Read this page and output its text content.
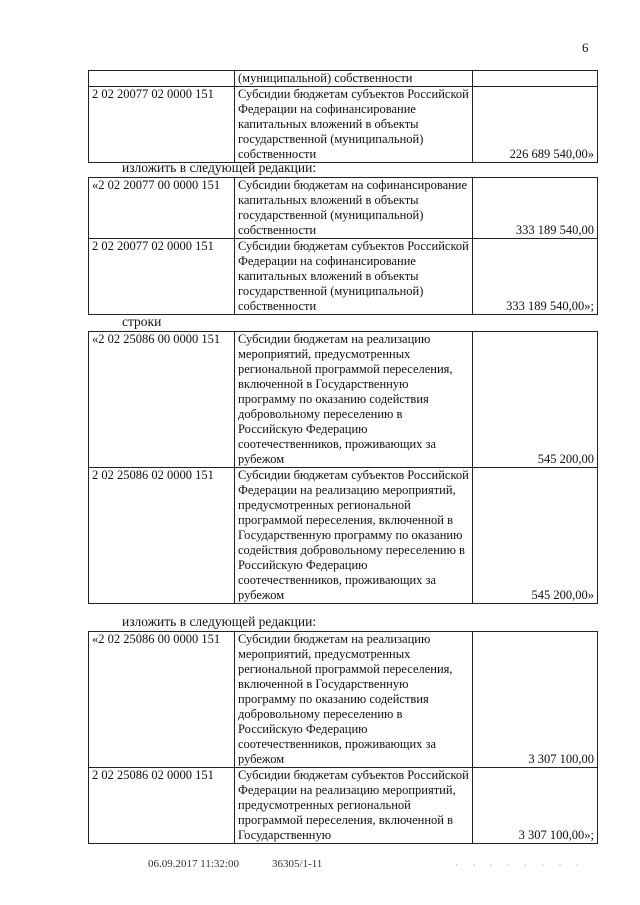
6
	(муниципальной) собственности	
2 02 20077 02 0000 151	Субсидии бюджетам субъектов Российской Федерации на софинансирование капитальных вложений в объекты государственной (муниципальной) собственности	226 689 540,00»
изложить в следующей редакции:
«2 02 20077 00 0000 151	Субсидии бюджетам на софинансирование капитальных вложений в объекты государственной (муниципальной) собственности	333 189 540,00
2 02 20077 02 0000 151	Субсидии бюджетам субъектов Российской Федерации на софинансирование капитальных вложений в объекты государственной (муниципальной) собственности	333 189 540,00»;
строки
«2 02 25086 00 0000 151	Субсидии бюджетам на реализацию мероприятий, предусмотренных региональной программой переселения, включенной в Государственную программу по оказанию содействия добровольному переселению в Российскую Федерацию соотечественников, проживающих за рубежом	545 200,00
2 02 25086 02 0000 151	Субсидии бюджетам субъектов Российской Федерации на реализацию мероприятий, предусмотренных региональной программой переселения, включенной в Государственную программу по оказанию содействия добровольному переселению в Российскую Федерацию соотечественников, проживающих за рубежом	545 200,00»
изложить в следующей редакции:
«2 02 25086 00 0000 151	Субсидии бюджетам на реализацию мероприятий, предусмотренных региональной программой переселения, включенной в Государственную программу по оказанию содействия добровольному переселению в Российскую Федерацию соотечественников, проживающих за рубежом	3 307 100,00
2 02 25086 02 0000 151	Субсидии бюджетам субъектов Российской Федерации на реализацию мероприятий, предусмотренных региональной программой переселения, включенной в Государственную	3 307 100,00»;
06.09.2017 11:32:00	36305/1-11	· · · · · · · ·
